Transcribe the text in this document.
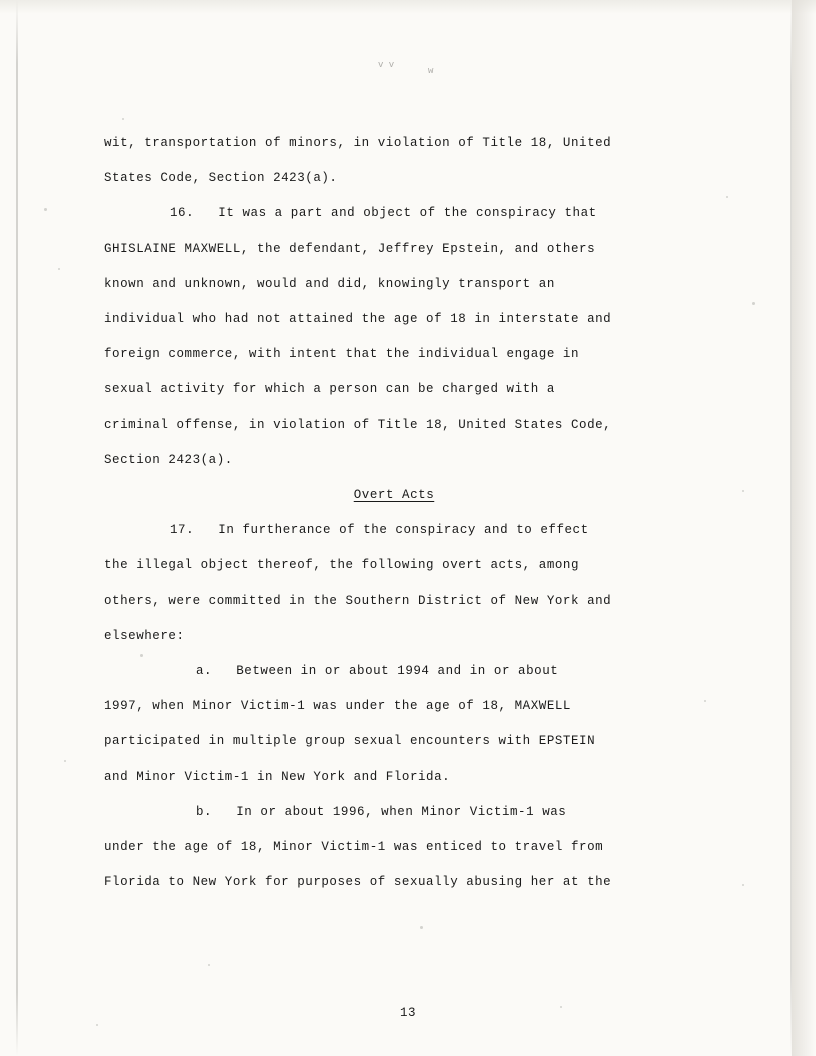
v v
w
wit, transportation of minors, in violation of Title 18, United
States Code, Section 2423(a).
16.   It was a part and object of the conspiracy that
GHISLAINE MAXWELL, the defendant, Jeffrey Epstein, and others
known and unknown, would and did, knowingly transport an
individual who had not attained the age of 18 in interstate and
foreign commerce, with intent that the individual engage in
sexual activity for which a person can be charged with a
criminal offense, in violation of Title 18, United States Code,
Section 2423(a).
Overt Acts
17.   In furtherance of the conspiracy and to effect
the illegal object thereof, the following overt acts, among
others, were committed in the Southern District of New York and
elsewhere:
a.   Between in or about 1994 and in or about
1997, when Minor Victim-1 was under the age of 18, MAXWELL
participated in multiple group sexual encounters with EPSTEIN
and Minor Victim-1 in New York and Florida.
b.   In or about 1996, when Minor Victim-1 was
under the age of 18, Minor Victim-1 was enticed to travel from
Florida to New York for purposes of sexually abusing her at the
13
